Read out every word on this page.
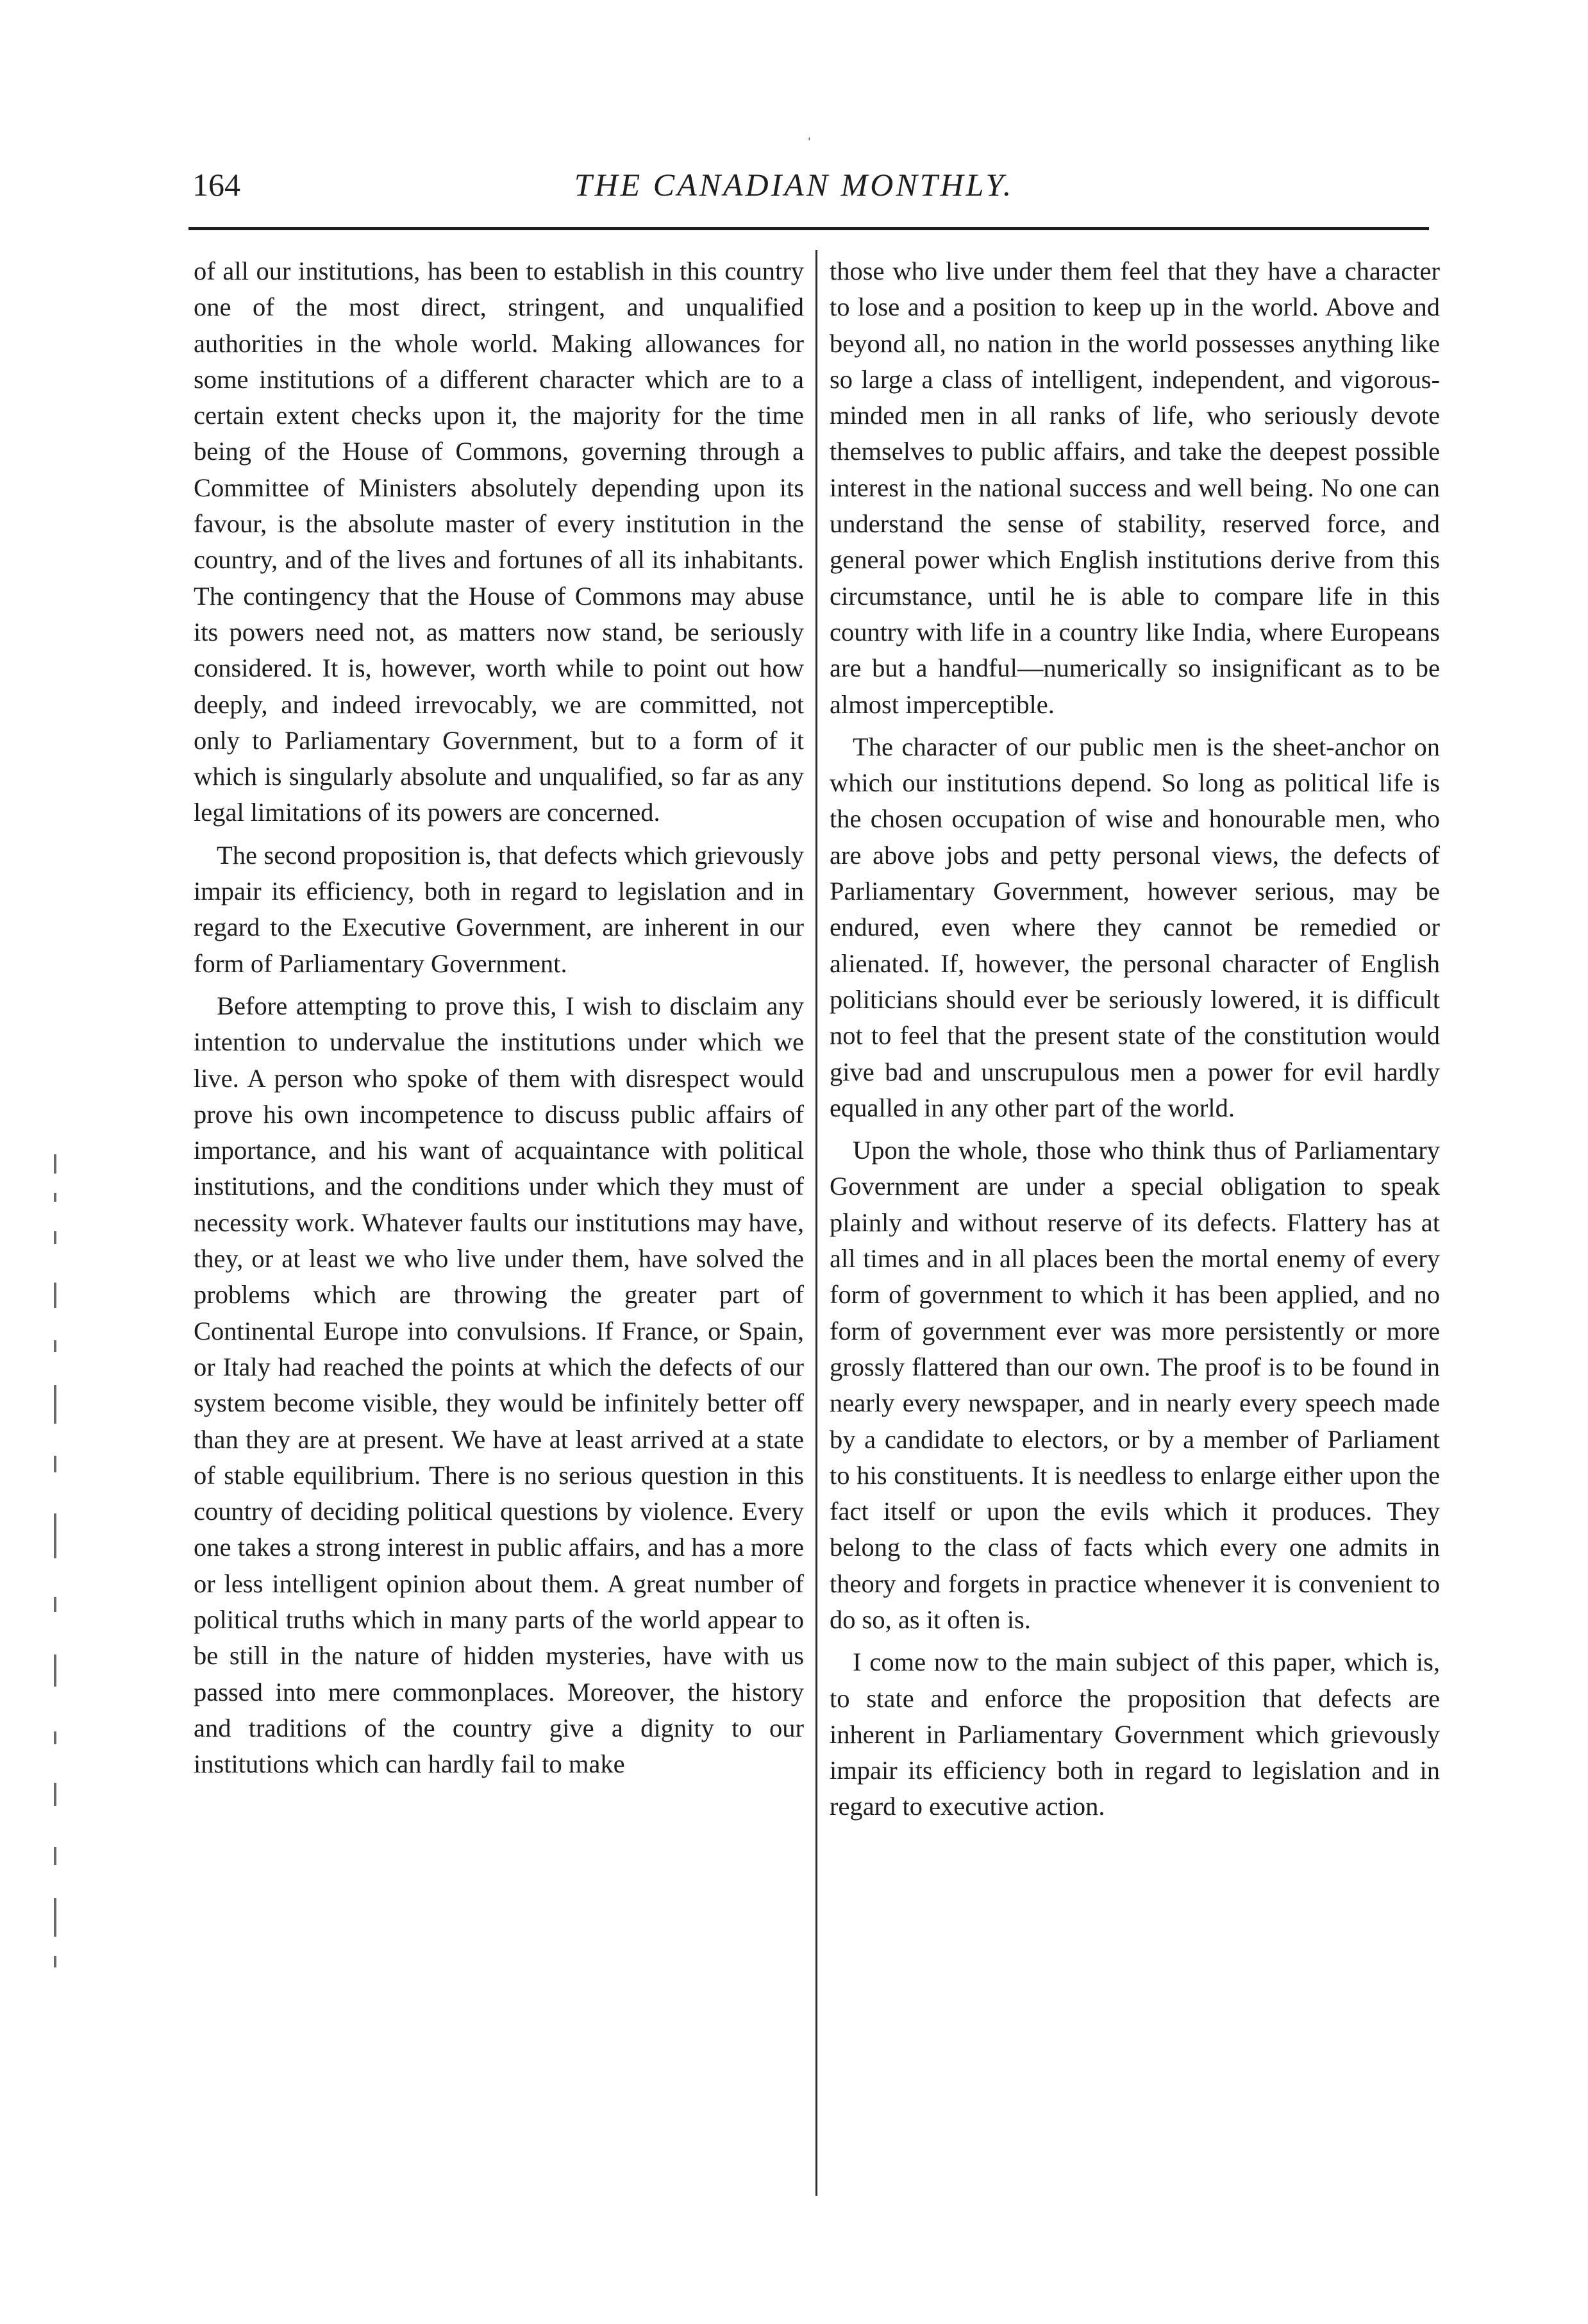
ˌ
164	THE CANADIAN MONTHLY.

of all our institutions, has been to establish in this country one of the most direct, stringent, and unqualified authorities in the whole world. Making allowances for some institutions of a different character which are to a certain extent checks upon it, the majority for the time being of the House of Commons, governing through a Committee of Ministers absolutely depending upon its favour, is the absolute master of every institution in the country, and of the lives and fortunes of all its inhabitants. The contingency that the House of Commons may abuse its powers need not, as matters now stand, be seriously considered. It is, however, worth while to point out how deeply, and indeed irrevocably, we are committed, not only to Parliamentary Government, but to a form of it which is singularly absolute and unqualified, so far as any legal limitations of its powers are concerned.

The second proposition is, that defects which grievously impair its efficiency, both in regard to legislation and in regard to the Executive Government, are inherent in our form of Parliamentary Government.

Before attempting to prove this, I wish to disclaim any intention to undervalue the institutions under which we live. A person who spoke of them with disrespect would prove his own incompetence to discuss public affairs of importance, and his want of acquaintance with political institutions, and the conditions under which they must of necessity work. Whatever faults our institutions may have, they, or at least we who live under them, have solved the problems which are throwing the greater part of Continental Europe into convulsions. If France, or Spain, or Italy had reached the points at which the defects of our system become visible, they would be infinitely better off than they are at present. We have at least arrived at a state of stable equilibrium. There is no serious question in this country of deciding political questions by violence. Every one takes a strong interest in public affairs, and has a more or less intelligent opinion about them. A great number of political truths which in many parts of the world appear to be still in the nature of hidden mysteries, have with us passed into mere commonplaces. Moreover, the history and traditions of the country give a dignity to our institutions which can hardly fail to make

those who live under them feel that they have a character to lose and a position to keep up in the world. Above and beyond all, no nation in the world possesses anything like so large a class of intelligent, independent, and vigorous-minded men in all ranks of life, who seriously devote themselves to public affairs, and take the deepest possible interest in the national success and well being. No one can understand the sense of stability, reserved force, and general power which English institutions derive from this circumstance, until he is able to compare life in this country with life in a country like India, where Europeans are but a handful—numerically so insignificant as to be almost imperceptible.

The character of our public men is the sheet-anchor on which our institutions depend. So long as political life is the chosen occupation of wise and honourable men, who are above jobs and petty personal views, the defects of Parliamentary Government, however serious, may be endured, even where they cannot be remedied or alienated. If, however, the personal character of English politicians should ever be seriously lowered, it is difficult not to feel that the present state of the constitution would give bad and unscrupulous men a power for evil hardly equalled in any other part of the world.

Upon the whole, those who think thus of Parliamentary Government are under a special obligation to speak plainly and without reserve of its defects. Flattery has at all times and in all places been the mortal enemy of every form of government to which it has been applied, and no form of government ever was more persistently or more grossly flattered than our own. The proof is to be found in nearly every newspaper, and in nearly every speech made by a candidate to electors, or by a member of Parliament to his constituents. It is needless to enlarge either upon the fact itself or upon the evils which it produces. They belong to the class of facts which every one admits in theory and forgets in practice whenever it is convenient to do so, as it often is.

I come now to the main subject of this paper, which is, to state and enforce the proposition that defects are inherent in Parliamentary Government which grievously impair its efficiency both in regard to legislation and in regard to executive action.
